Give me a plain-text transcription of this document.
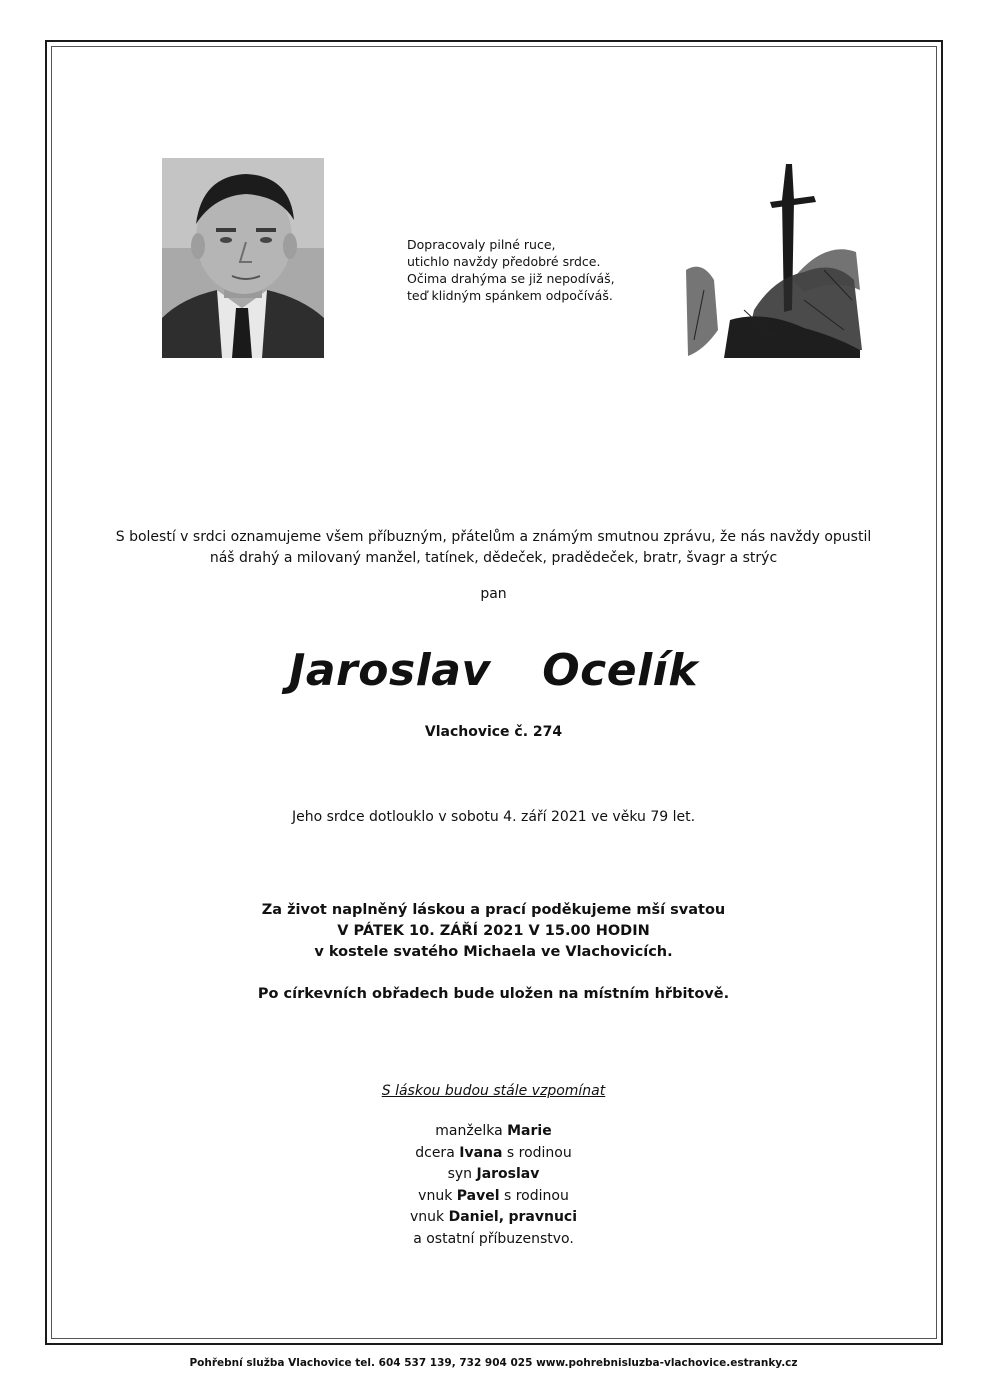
Dopracovaly pilné ruce,
utichlo navždy předobré srdce.
Očima drahýma se již nepodíváš,
teď klidným spánkem odpočíváš.
S bolestí v srdci oznamujeme všem příbuzným, přátelům a známým smutnou zprávu, že nás navždy opustil
náš drahý a milovaný manžel, tatínek, dědeček, pradědeček, bratr, švagr a strýc
pan
Jaroslav  Ocelík
Vlachovice č. 274
Jeho srdce dotlouklo v sobotu 4. září 2021 ve věku 79 let.
Za život naplněný láskou a prací poděkujeme mší svatou
V PÁTEK 10. ZÁŘÍ 2021 V 15.00 HODIN
v kostele svatého Michaela ve Vlachovicích.
Po církevních obřadech bude uložen na místním hřbitově.
S láskou budou stále vzpomínat
manželka Marie
dcera Ivana s rodinou
syn Jaroslav
vnuk Pavel s rodinou
vnuk Daniel, pravnuci
a ostatní příbuzenstvo.
Pohřební služba Vlachovice tel. 604 537 139, 732 904 025 www.pohrebnisluzba-vlachovice.estranky.cz
